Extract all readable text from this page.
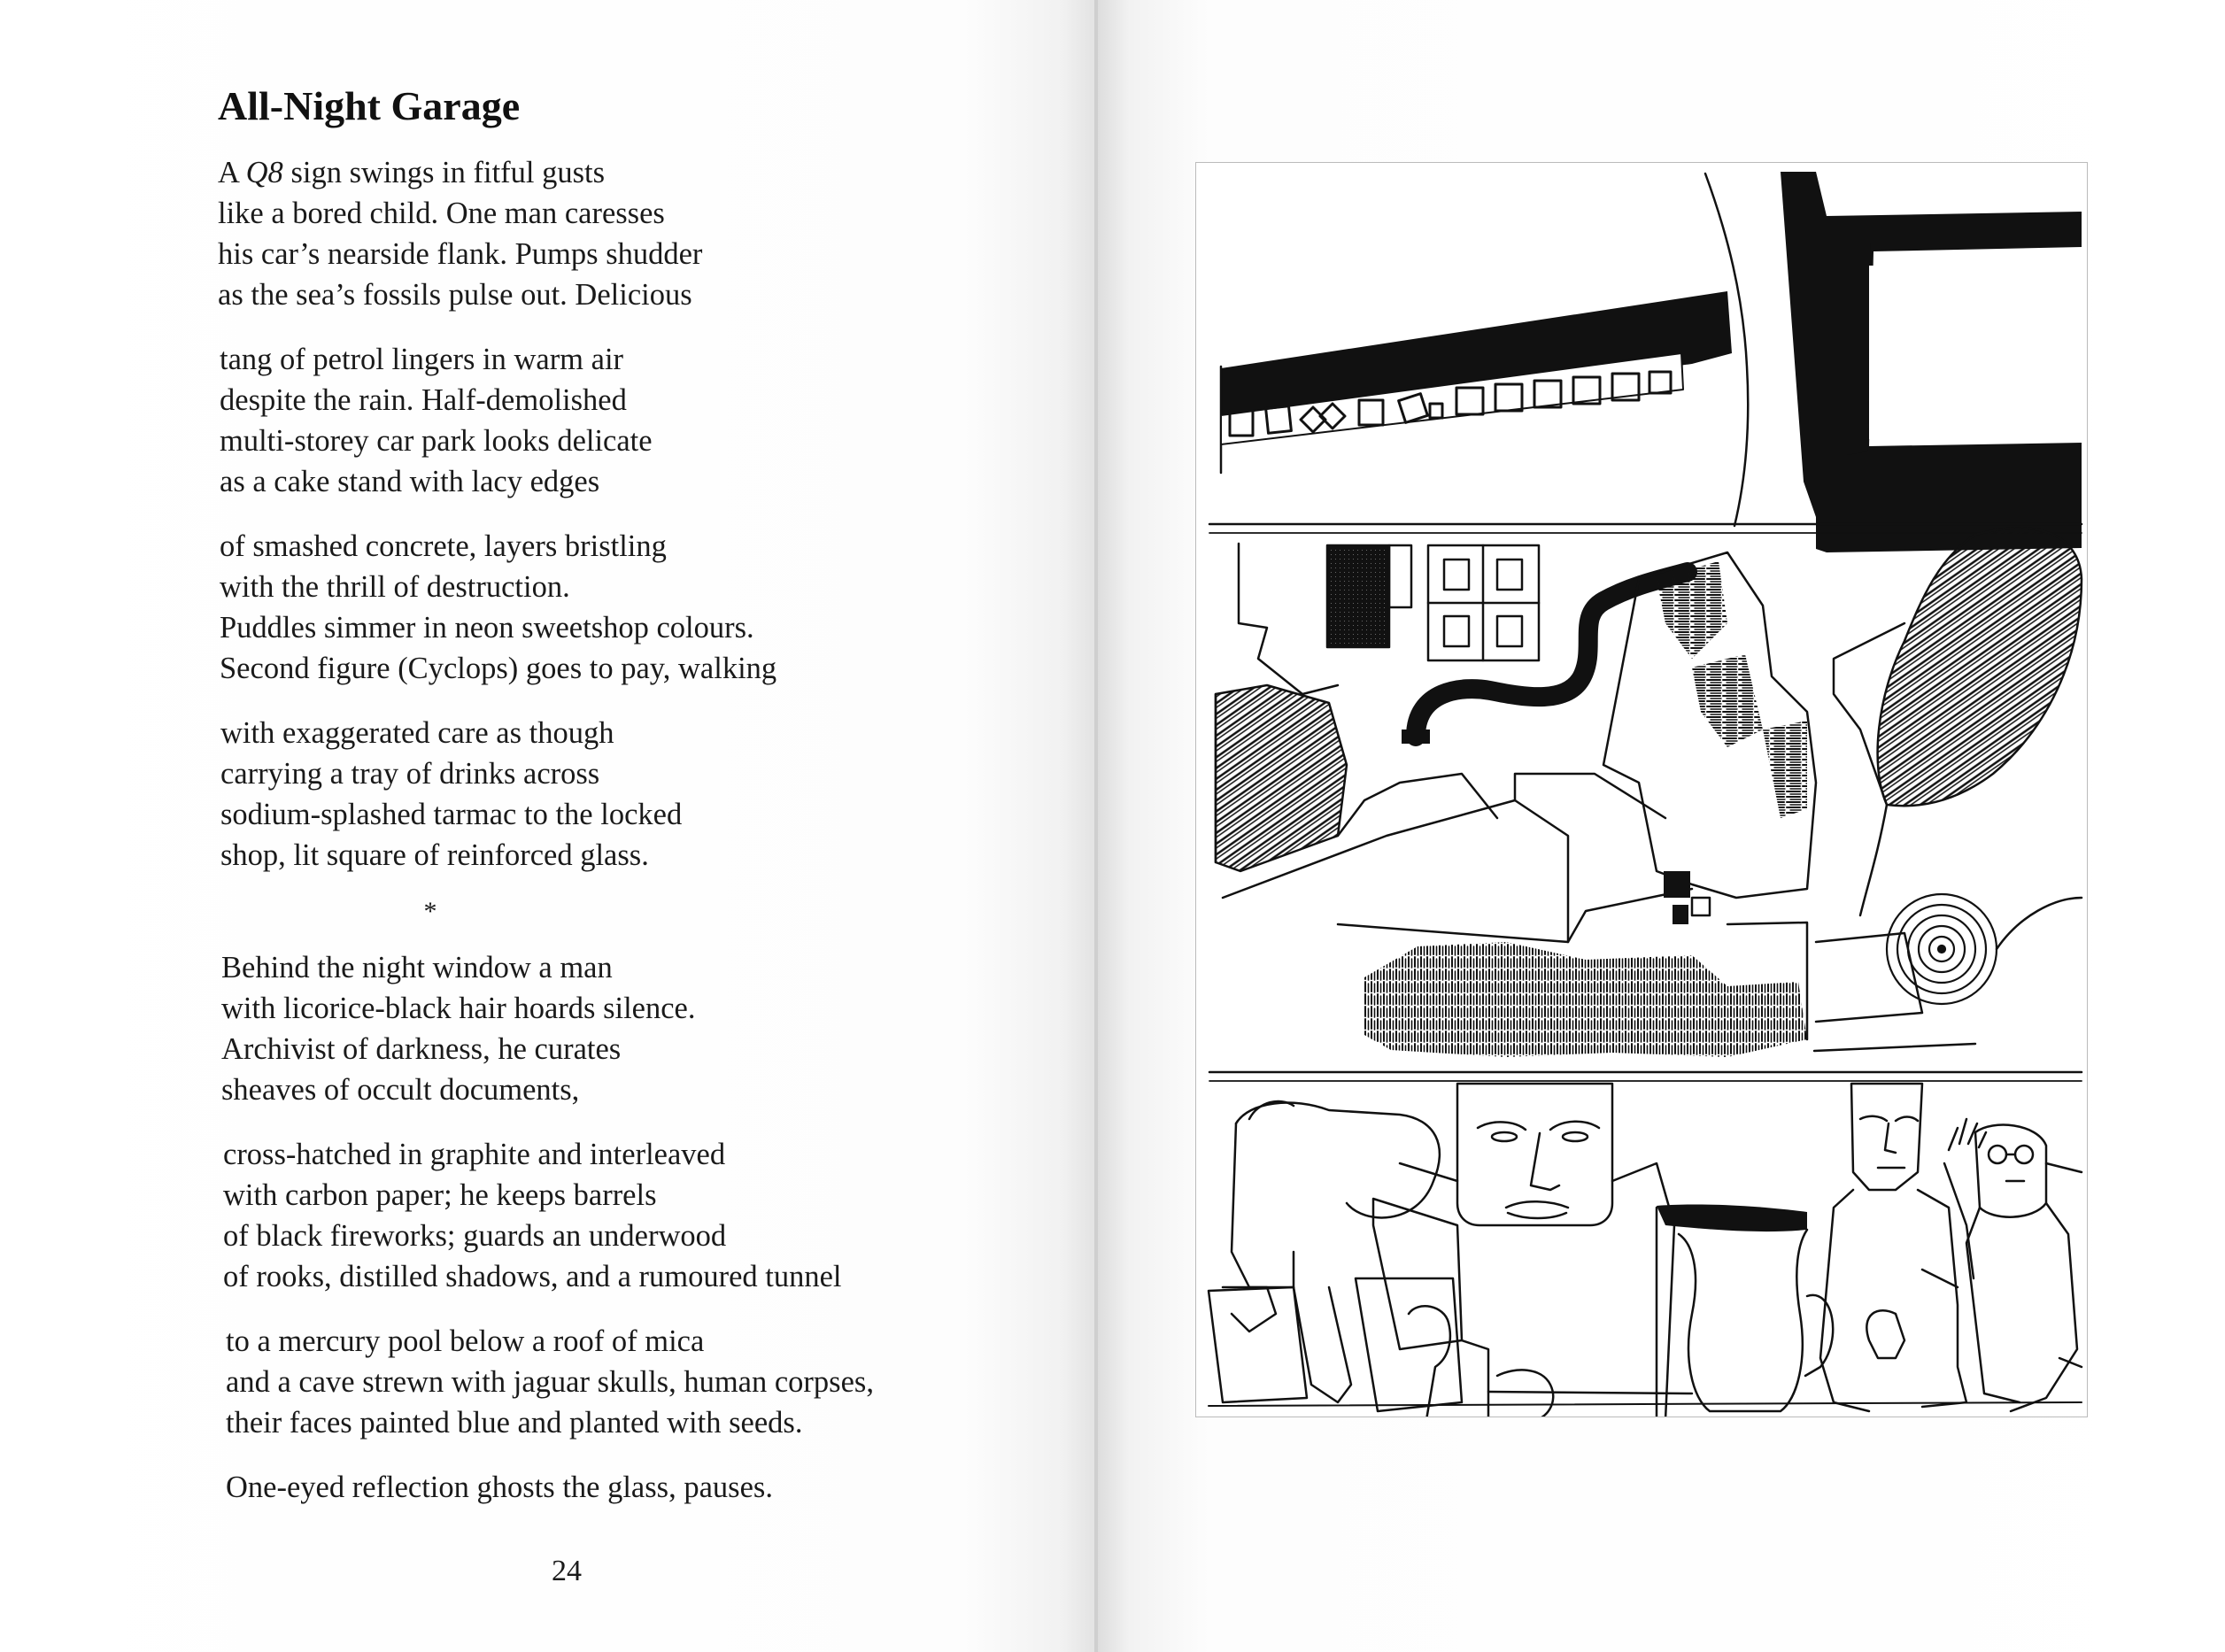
All-Night Garage

A Q8 sign swings in fitful gusts
like a bored child. One man caresses
his car’s nearside flank. Pumps shudder
as the sea’s fossils pulse out. Delicious

tang of petrol lingers in warm air
despite the rain. Half-demolished
multi-storey car park looks delicate
as a cake stand with lacy edges

of smashed concrete, layers bristling
with the thrill of destruction.
Puddles simmer in neon sweetshop colours.
Second figure (Cyclops) goes to pay, walking

with exaggerated care as though
carrying a tray of drinks across
sodium-splashed tarmac to the locked
shop, lit square of reinforced glass.

*

Behind the night window a man
with licorice-black hair hoards silence.
Archivist of darkness, he curates
sheaves of occult documents,

cross-hatched in graphite and interleaved
with carbon paper; he keeps barrels
of black fireworks; guards an underwood
of rooks, distilled shadows, and a rumoured tunnel

to a mercury pool below a roof of mica
and a cave strewn with jaguar skulls, human corpses,
their faces painted blue and planted with seeds.

One-eyed reflection ghosts the glass, pauses.

24
